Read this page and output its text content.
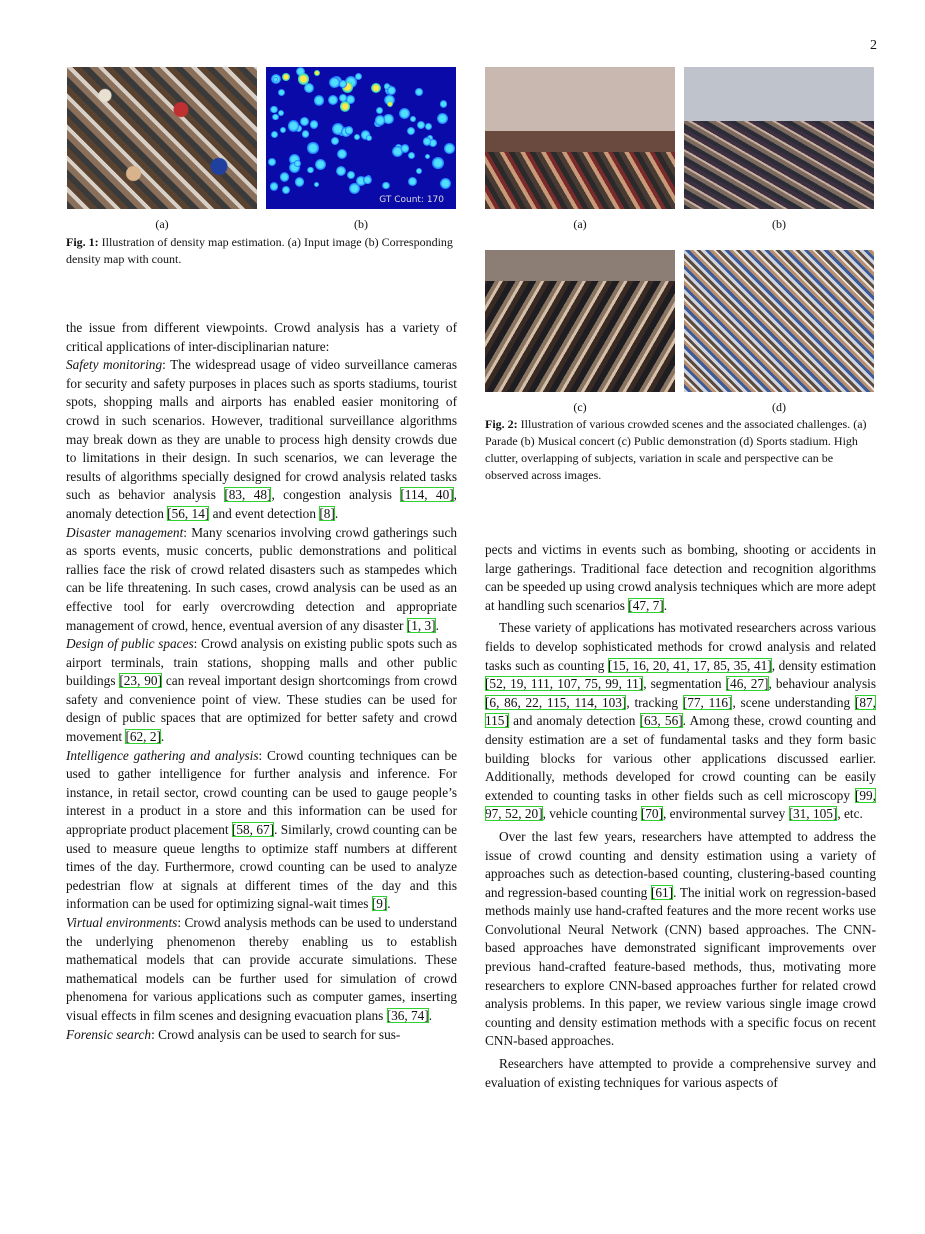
2
GT Count: 170
(a)	(b)
Fig. 1: Illustration of density map estimation. (a) Input image (b) Corresponding density map with count.
(a)	(b)
(c)	(d)
Fig. 2: Illustration of various crowded scenes and the associated challenges. (a) Parade (b) Musical concert (c) Public demonstration (d) Sports stadium. High clutter, overlapping of subjects, variation in scale and perspective can be observed across images.

the issue from different viewpoints. Crowd analysis has a variety of critical applications of inter-disciplinarian nature:

Safety monitoring: The widespread usage of video surveillance cameras for security and safety purposes in places such as sports stadiums, tourist spots, shopping malls and airports has enabled easier monitoring of crowd in such scenarios. However, traditional surveillance algorithms may break down as they are unable to process high density crowds due to limitations in their design. In such scenarios, we can leverage the results of algorithms specially designed for crowd analysis related tasks such as behavior analysis [83, 48], congestion analysis [114, 40], anomaly detection [56, 14] and event detection [8].

Disaster management: Many scenarios involving crowd gatherings such as sports events, music concerts, public demonstrations and political rallies face the risk of crowd related disasters such as stampedes which can be life threatening. In such cases, crowd analysis can be used as an effective tool for early overcrowding detection and appropriate management of crowd, hence, eventual aversion of any disaster [1, 3].

Design of public spaces: Crowd analysis on existing public spots such as airport terminals, train stations, shopping malls and other public buildings [23, 90] can reveal important design shortcomings from crowd safety and convenience point of view. These studies can be used for design of public spaces that are optimized for better safety and crowd movement [62, 2].

Intelligence gathering and analysis: Crowd counting techniques can be used to gather intelligence for further analysis and inference. For instance, in retail sector, crowd counting can be used to gauge people’s interest in a product in a store and this information can be used for appropriate product placement [58, 67]. Similarly, crowd counting can be used to measure queue lengths to optimize staff numbers at different times of the day. Furthermore, crowd counting can be used to analyze pedestrian flow at signals at different times of the day and this information can be used for optimizing signal-wait times [9].

Virtual environments: Crowd analysis methods can be used to understand the underlying phenomenon thereby enabling us to establish mathematical models that can provide accurate simulations. These mathematical models can be further used for simulation of crowd phenomena for various applications such as computer games, inserting visual effects in film scenes and designing evacuation plans [36, 74].

Forensic search: Crowd analysis can be used to search for sus-

pects and victims in events such as bombing, shooting or accidents in large gatherings. Traditional face detection and recognition algorithms can be speeded up using crowd analysis techniques which are more adept at handling such scenarios [47, 7].

These variety of applications has motivated researchers across various fields to develop sophisticated methods for crowd analysis and related tasks such as counting [15, 16, 20, 41, 17, 85, 35, 41], density estimation [52, 19, 111, 107, 75, 99, 11], segmentation [46, 27], behaviour analysis [6, 86, 22, 115, 114, 103], tracking [77, 116], scene understanding [87, 115] and anomaly detection [63, 56]. Among these, crowd counting and density estimation are a set of fundamental tasks and they form basic building blocks for various other applications discussed earlier. Additionally, methods developed for crowd counting can be easily extended to counting tasks in other fields such as cell microscopy [99, 97, 52, 20], vehicle counting [70], environmental survey [31, 105], etc.

Over the last few years, researchers have attempted to address the issue of crowd counting and density estimation using a variety of approaches such as detection-based counting, clustering-based counting and regression-based counting [61]. The initial work on regression-based methods mainly use hand-crafted features and the more recent works use Convolutional Neural Network (CNN) based approaches. The CNN-based approaches have demonstrated significant improvements over previous hand-crafted feature-based methods, thus, motivating more researchers to explore CNN-based approaches further for related crowd analysis problems. In this paper, we review various single image crowd counting and density estimation methods with a specific focus on recent CNN-based approaches.

Researchers have attempted to provide a comprehensive survey and evaluation of existing techniques for various aspects of
